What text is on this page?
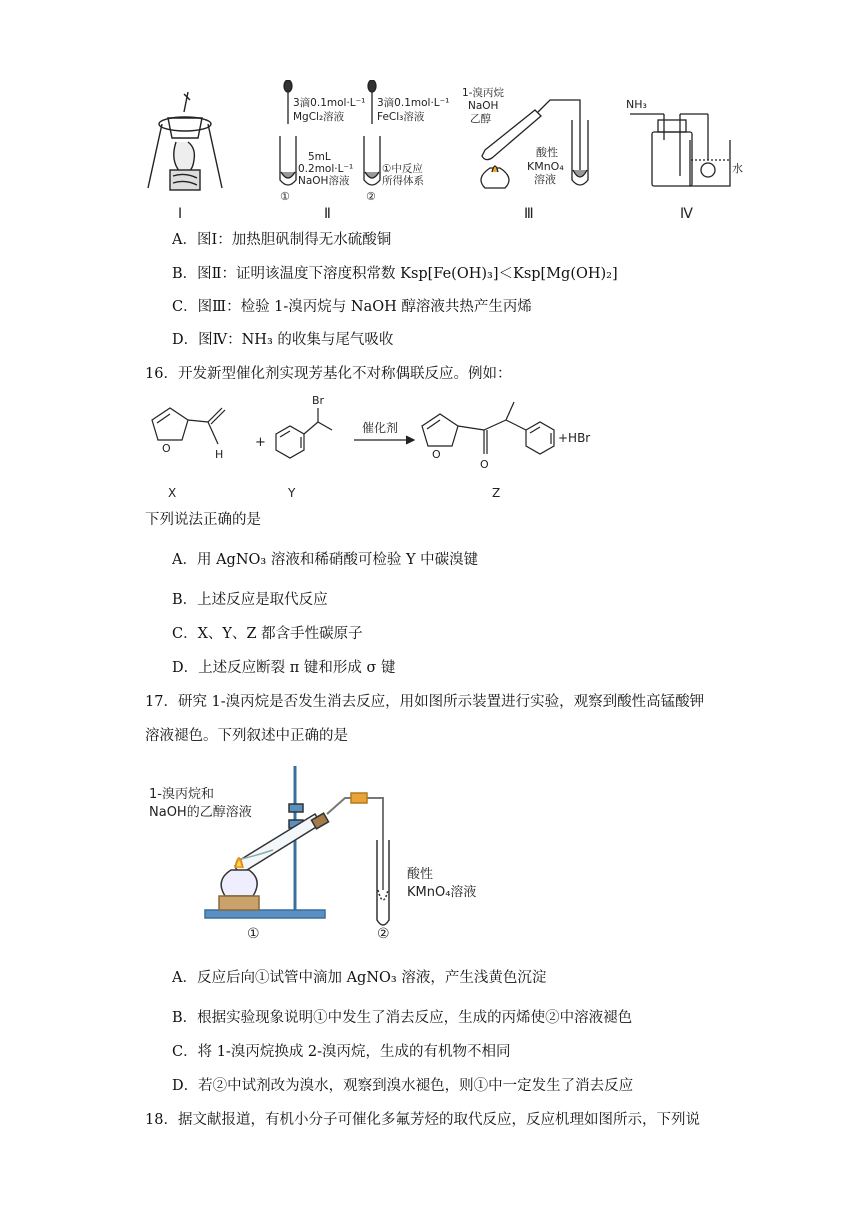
3滴0.1mol·L⁻¹
MgCl₂溶液
3滴0.1mol·L⁻¹
FeCl₃溶液
5mL
0.2mol·L⁻¹
NaOH溶液
①	②
①中反应
所得体系
1-溴丙烷
NaOH
乙醇
酸性
KMnO₄
溶液
NH₃
水
Ⅰ	Ⅱ	Ⅲ	Ⅳ
A．图Ⅰ：加热胆矾制得无水硫酸铜
B．图Ⅱ：证明该温度下溶度积常数 Ksp[Fe(OH)₃]＜Ksp[Mg(OH)₂]
C．图Ⅲ：检验 1-溴丙烷与 NaOH 醇溶液共热产生丙烯
D．图Ⅳ：NH₃ 的收集与尾气吸收
16．开发新型催化剂实现芳基化不对称偶联反应。例如：
O	H
+
Br
催化剂
O
O
+HBr
X	Y	Z
下列说法正确的是
A．用 AgNO₃ 溶液和稀硝酸可检验 Y 中碳溴键
B．上述反应是取代反应
C．X、Y、Z 都含手性碳原子
D．上述反应断裂 π 键和形成 σ 键
17．研究 1-溴丙烷是否发生消去反应，用如图所示装置进行实验，观察到酸性高锰酸钾
溶液褪色。下列叙述中正确的是
1-溴丙烷和
NaOH的乙醇溶液
酸性
KMnO₄溶液
①	②
A．反应后向①试管中滴加 AgNO₃ 溶液，产生浅黄色沉淀
B．根据实验现象说明①中发生了消去反应，生成的丙烯使②中溶液褪色
C．将 1-溴丙烷换成 2-溴丙烷，生成的有机物不相同
D．若②中试剂改为溴水，观察到溴水褪色，则①中一定发生了消去反应
18．据文献报道，有机小分子可催化多氟芳烃的取代反应，反应机理如图所示，下列说
